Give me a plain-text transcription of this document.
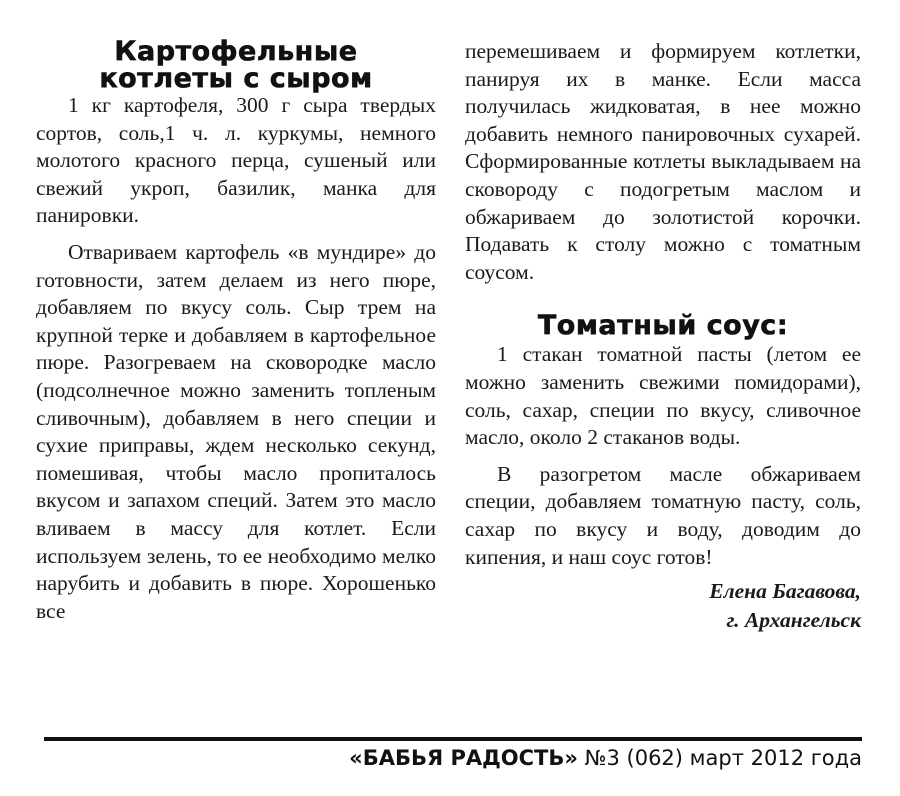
Картофельные
котлеты с сыром

1 кг картофеля, 300 г сыра твердых сортов, соль,1 ч. л. куркумы, немного молотого красного перца, сушеный или свежий укроп, базилик, манка для панировки.

Отвариваем картофель «в мундире» до готовности, затем делаем из него пюре, добавляем по вкусу соль. Сыр трем на крупной терке и добавляем в картофельное пюре. Разогреваем на сковородке масло (подсолнечное можно заменить топленым сливочным), добавляем в него специи и сухие приправы, ждем несколько секунд, помешивая, чтобы масло пропиталось вкусом и запахом специй. Затем это масло вливаем в массу для котлет. Если используем зелень, то ее необходимо мелко нарубить и добавить в пюре. Хорошенько все

перемешиваем и формируем котлетки, панируя их в манке. Если масса получилась жидковатая, в нее можно добавить немного панировочных сухарей. Сформированные котлеты выкладываем на сковороду с подогретым маслом и обжариваем до золотистой корочки. Подавать к столу можно с томатным соусом.

Томатный соус:

1 стакан томатной пасты (летом ее можно заменить свежими помидорами), соль, сахар, специи по вкусу, сливочное масло, около 2 стаканов воды.

В разогретом масле обжариваем специи, добавляем томатную пасту, соль, сахар по вкусу и воду, доводим до кипения, и наш соус готов!

Елена Багавова,
г. Архангельск
«БАБЬЯ РАДОСТЬ» №3 (062) март 2012 года
